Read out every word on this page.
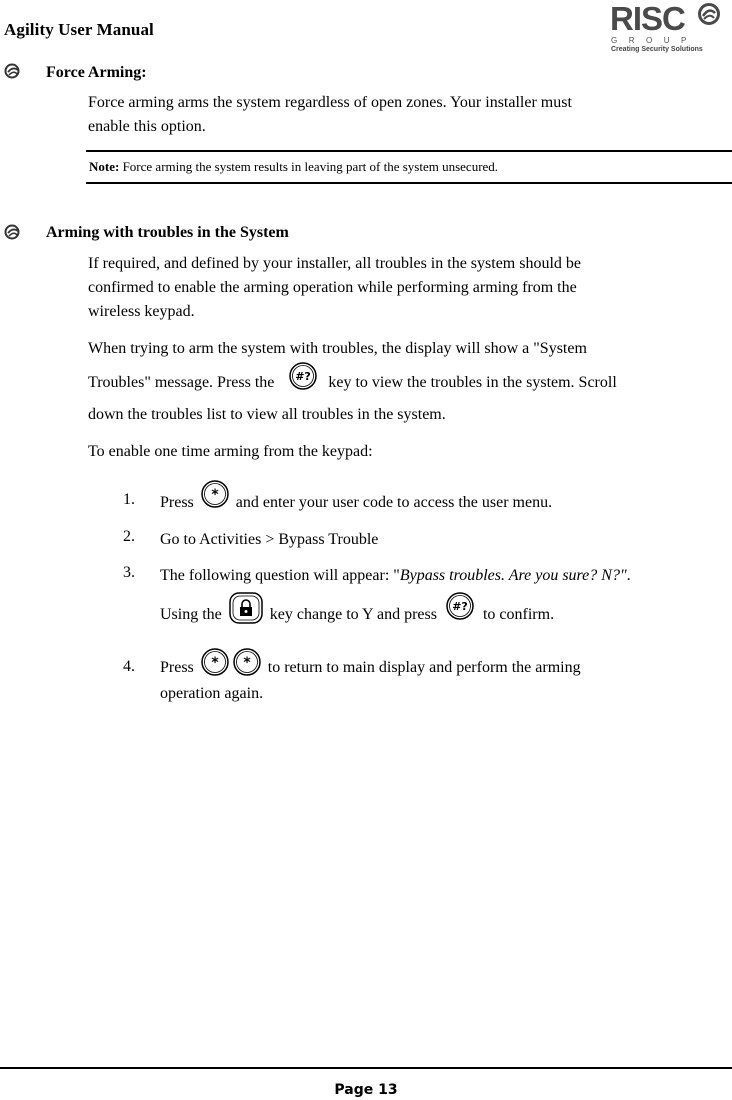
Agility User Manual	RISC
GROUP
Creating Security Solutions
Force Arming:
Force arming arms the system regardless of open zones. Your installer must
enable this option.
Note: Force arming the system results in leaving part of the system unsecured.
Arming with troubles in the System
If required, and defined by your installer, all troubles in the system should be
confirmed to enable the arming operation while performing arming from the
wireless keypad.
When trying to arm the system with troubles, the display will show a "System
Troubles" message. Press the #? key to view the troubles in the system. Scroll
down the troubles list to view all troubles in the system.
To enable one time arming from the keypad:
1. Press * and enter your user code to access the user menu.
2. Go to Activities > Bypass Trouble
3. The following question will appear: "Bypass troubles. Are you sure? N?".
Using the	key change to Y and press #? to confirm.
4. Press * * to return to main display and perform the arming
operation again.
Page 13
